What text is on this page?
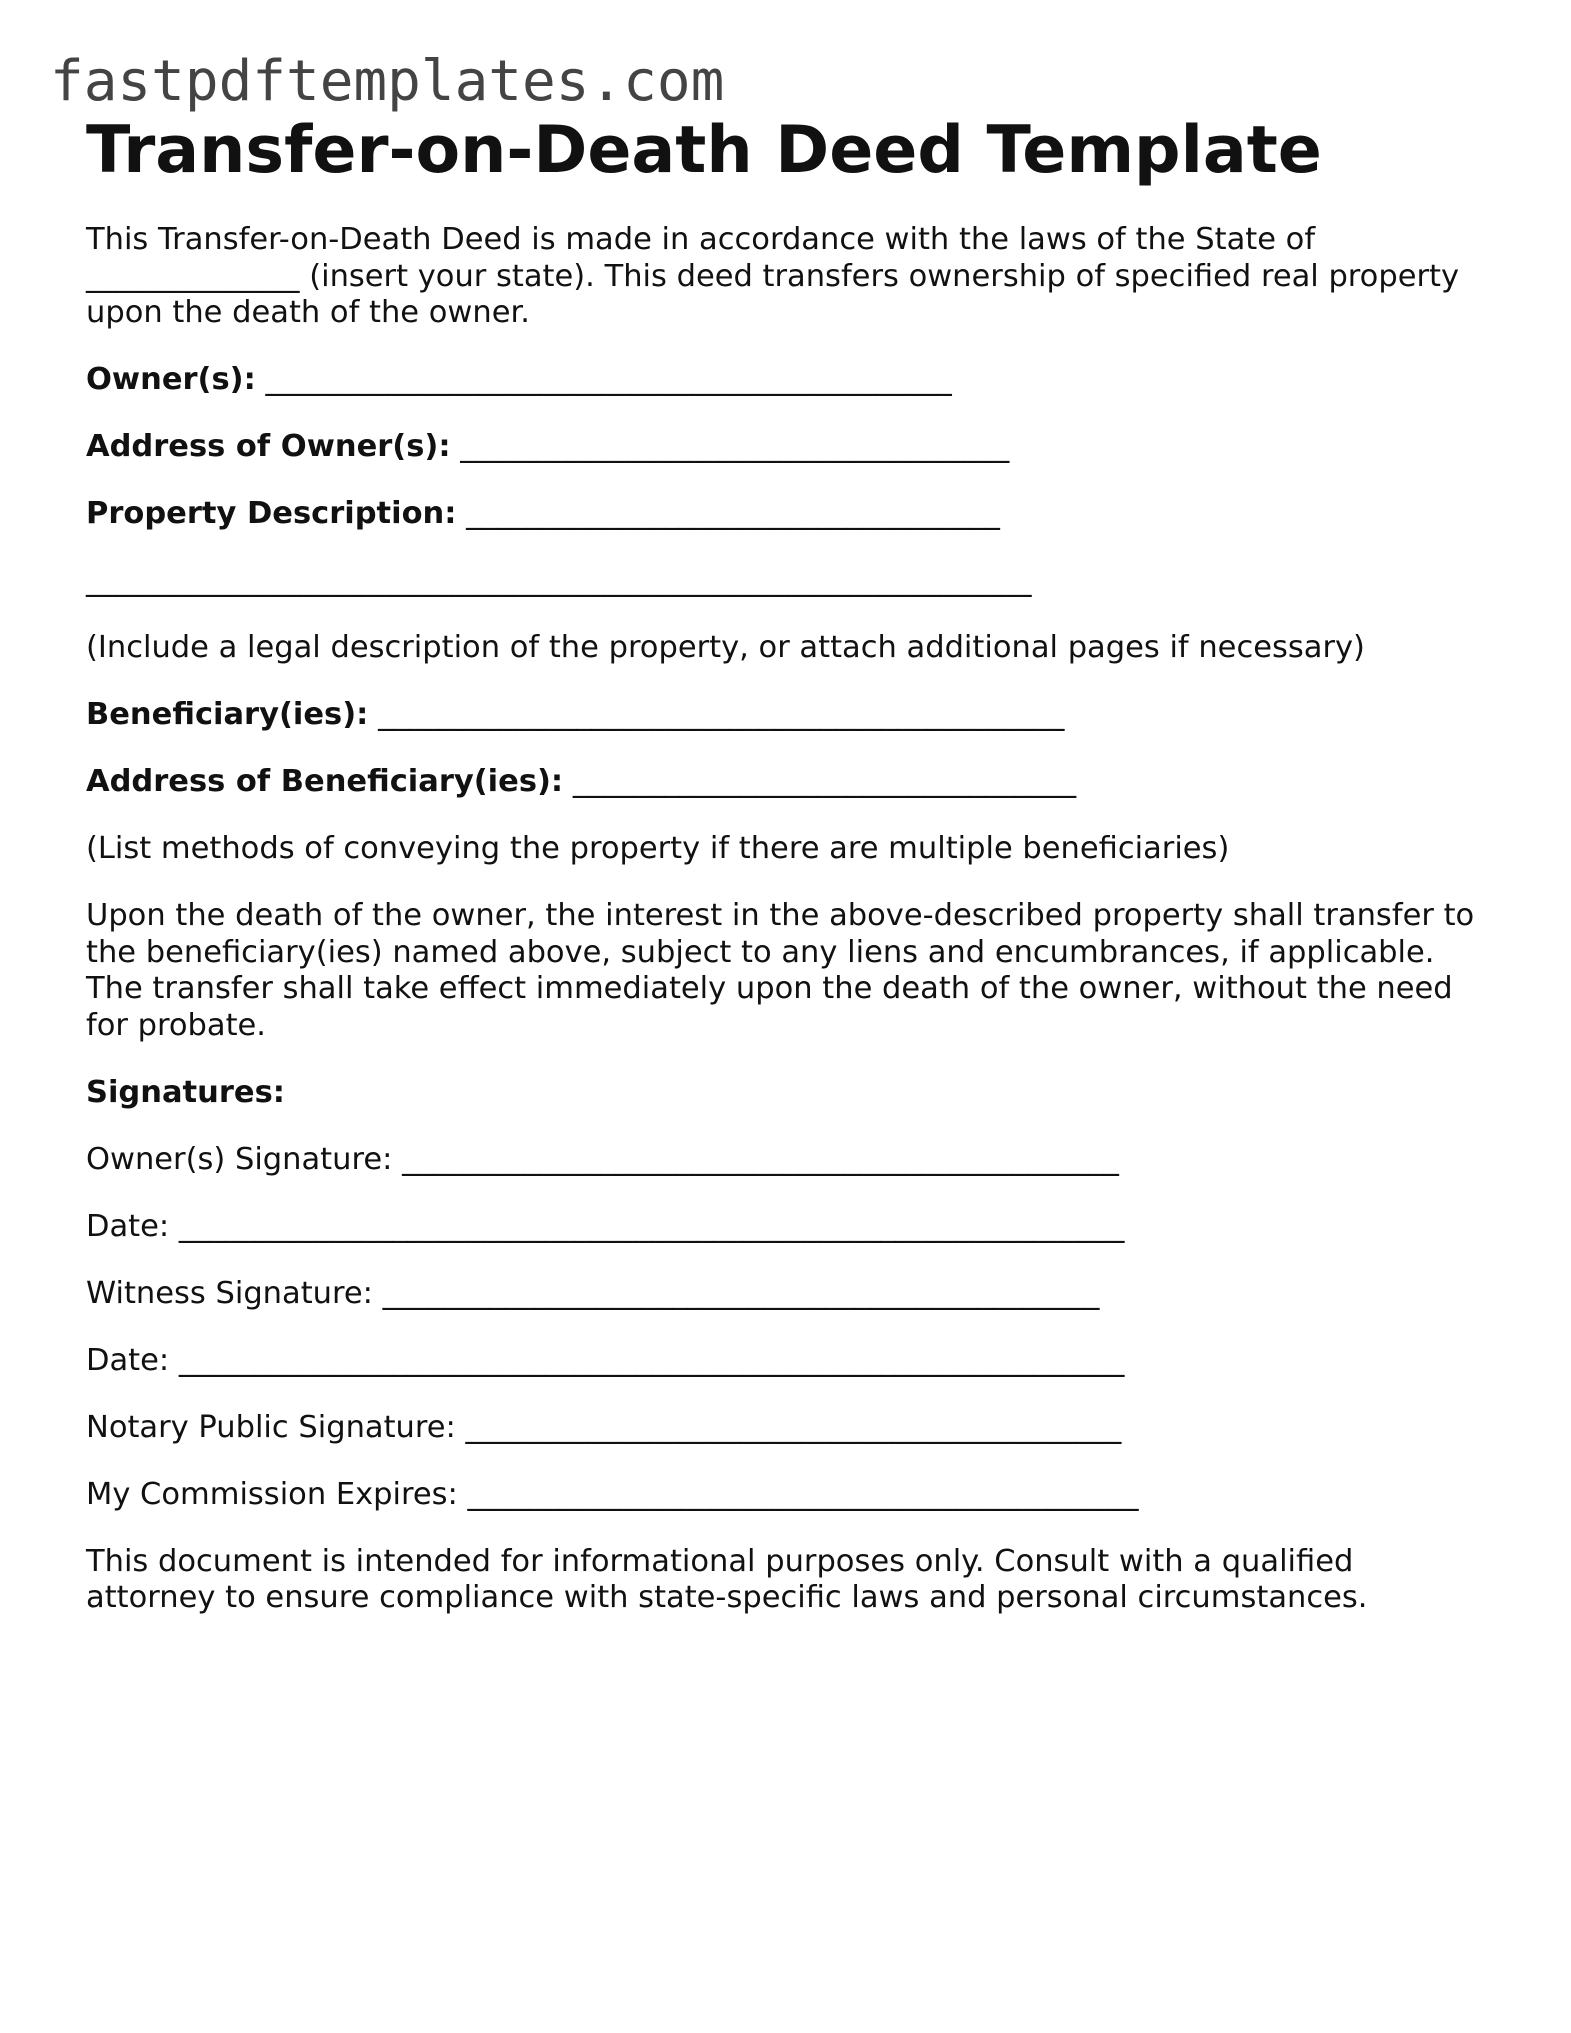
fastpdftemplates.com
Transfer-on-Death Deed Template

This Transfer-on-Death Deed is made in accordance with the laws of the State of

______________ (insert your state). This deed transfers ownership of specified real property

upon the death of the owner.

Owner(s): _____________________________________________

Address of Owner(s): ____________________________________

Property Description: ___________________________________

______________________________________________________________

(Include a legal description of the property, or attach additional pages if necessary)

Beneficiary(ies): _____________________________________________

Address of Beneficiary(ies): _________________________________

(List methods of conveying the property if there are multiple beneficiaries)

Upon the death of the owner, the interest in the above-described property shall transfer to

the beneficiary(ies) named above, subject to any liens and encumbrances, if applicable.

The transfer shall take effect immediately upon the death of the owner, without the need

for probate.

Signatures:

Owner(s) Signature: _______________________________________________

Date: ______________________________________________________________

Witness Signature: _______________________________________________

Date: ______________________________________________________________

Notary Public Signature: ___________________________________________

My Commission Expires: ____________________________________________

This document is intended for informational purposes only. Consult with a qualified

attorney to ensure compliance with state-specific laws and personal circumstances.
